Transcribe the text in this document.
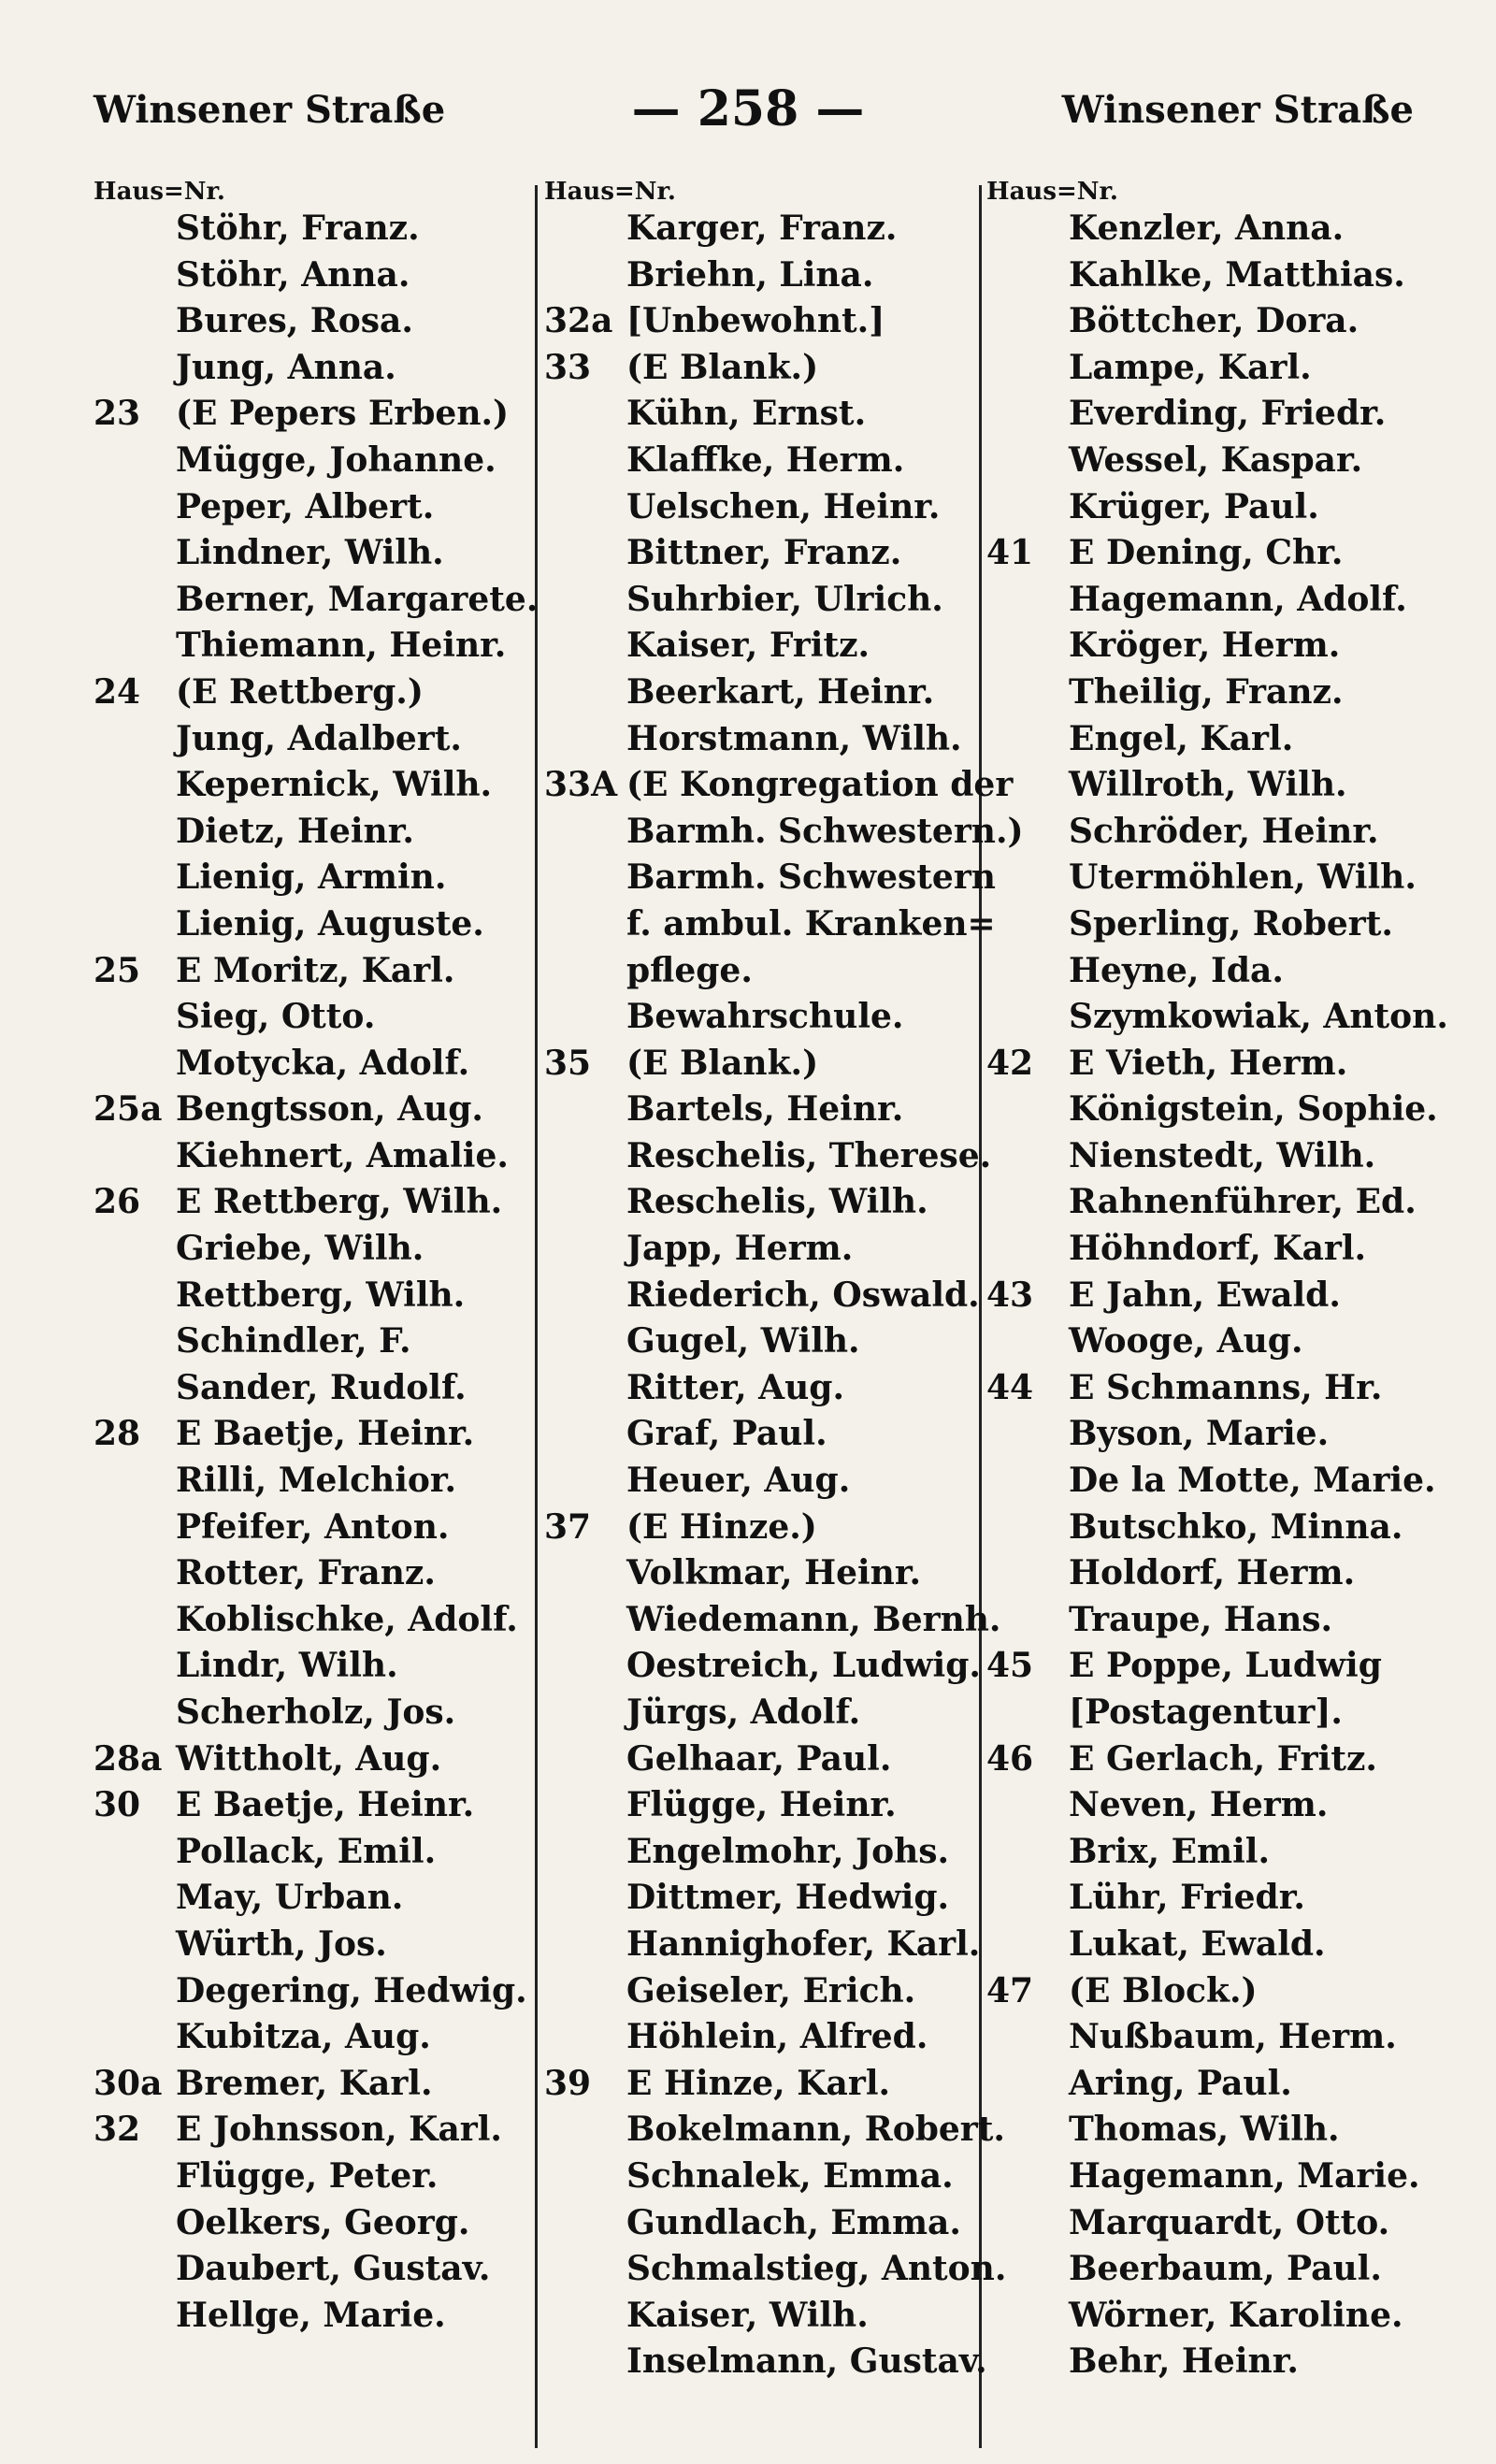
Winsener Straße	— 258 —	Winsener Straße
Haus=Nr.
Stöhr, Franz.
Stöhr, Anna.
Bures, Rosa.
Jung, Anna.
23	(E Pepers Erben.)
Mügge, Johanne.
Peper, Albert.
Lindner, Wilh.
Berner, Margarete.
Thiemann, Heinr.
24	(E Rettberg.)
Jung, Adalbert.
Kepernick, Wilh.
Dietz, Heinr.
Lienig, Armin.
Lienig, Auguste.
25	E Moritz, Karl.
Sieg, Otto.
Motycka, Adolf.
25a Bengtsson, Aug.
Kiehnert, Amalie.
26	E Rettberg, Wilh.
Griebe, Wilh.
Rettberg, Wilh.
Schindler, F.
Sander, Rudolf.
28	E Baetje, Heinr.
Rilli, Melchior.
Pfeifer, Anton.
Rotter, Franz.
Koblischke, Adolf.
Lindr, Wilh.
Scherholz, Jos.
28a Wittholt, Aug.
30	E Baetje, Heinr.
Pollack, Emil.
May, Urban.
Würth, Jos.
Degering, Hedwig.
Kubitza, Aug.
30a Bremer, Karl.
32	E Johnsson, Karl.
Flügge, Peter.
Oelkers, Georg.
Daubert, Gustav.
Hellge, Marie.
Haus=Nr.
Karger, Franz.
Briehn, Lina.
32a [Unbewohnt.]
33	(E Blank.)
Kühn, Ernst.
Klaffke, Herm.
Uelschen, Heinr.
Bittner, Franz.
Suhrbier, Ulrich.
Kaiser, Fritz.
Beerkart, Heinr.
Horstmann, Wilh.
33A (E Kongregation der
Barmh. Schwestern.)
Barmh. Schwestern
f. ambul. Kranken=
pflege.
Bewahrschule.
35	(E Blank.)
Bartels, Heinr.
Reschelis, Therese.
Reschelis, Wilh.
Japp, Herm.
Riederich, Oswald.
Gugel, Wilh.
Ritter, Aug.
Graf, Paul.
Heuer, Aug.
37	(E Hinze.)
Volkmar, Heinr.
Wiedemann, Bernh.
Oestreich, Ludwig.
Jürgs, Adolf.
Gelhaar, Paul.
Flügge, Heinr.
Engelmohr, Johs.
Dittmer, Hedwig.
Hannighofer, Karl.
Geiseler, Erich.
Höhlein, Alfred.
39	E Hinze, Karl.
Bokelmann, Robert.
Schnalek, Emma.
Gundlach, Emma.
Schmalstieg, Anton.
Kaiser, Wilh.
Inselmann, Gustav.
Haus=Nr.
Kenzler, Anna.
Kahlke, Matthias.
Böttcher, Dora.
Lampe, Karl.
Everding, Friedr.
Wessel, Kaspar.
Krüger, Paul.
41	E Dening, Chr.
Hagemann, Adolf.
Kröger, Herm.
Theilig, Franz.
Engel, Karl.
Willroth, Wilh.
Schröder, Heinr.
Utermöhlen, Wilh.
Sperling, Robert.
Heyne, Ida.
Szymkowiak, Anton.
42	E Vieth, Herm.
Königstein, Sophie.
Nienstedt, Wilh.
Rahnenführer, Ed.
Höhndorf, Karl.
43	E Jahn, Ewald.
Wooge, Aug.
44	E Schmanns, Hr.
Byson, Marie.
De la Motte, Marie.
Butschko, Minna.
Holdorf, Herm.
Traupe, Hans.
45	E Poppe, Ludwig
[Postagentur].
46	E Gerlach, Fritz.
Neven, Herm.
Brix, Emil.
Lühr, Friedr.
Lukat, Ewald.
47	(E Block.)
Nußbaum, Herm.
Aring, Paul.
Thomas, Wilh.
Hagemann, Marie.
Marquardt, Otto.
Beerbaum, Paul.
Wörner, Karoline.
Behr, Heinr.
